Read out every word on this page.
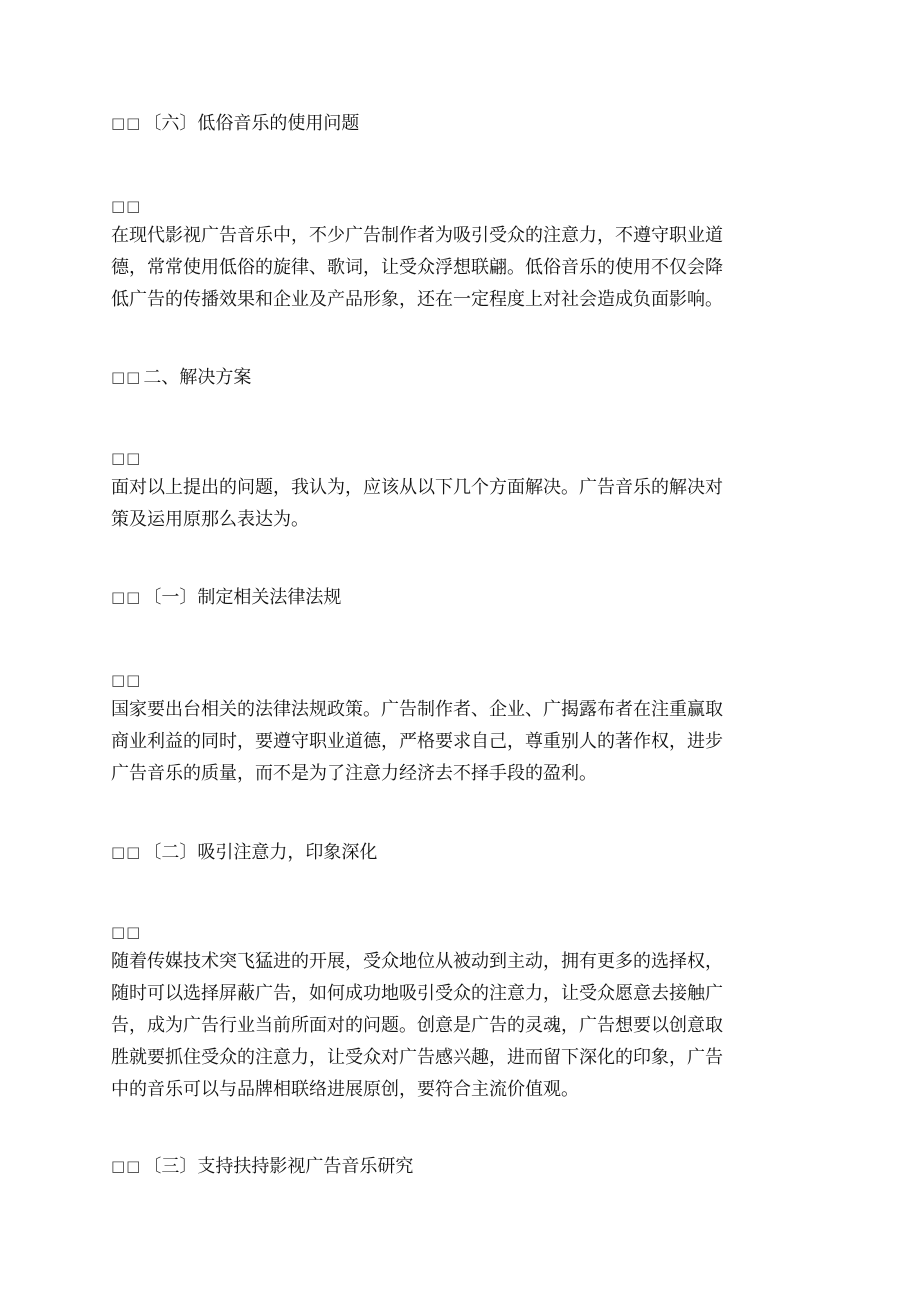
□□ 〔六〕低俗音乐的使用问题
□□
在现代影视广告音乐中，不少广告制作者为吸引受众的注意力，不遵守职业道
德，常常使用低俗的旋律、歌词，让受众浮想联翩。低俗音乐的使用不仅会降
低广告的传播效果和企业及产品形象，还在一定程度上对社会造成负面影响。
□□ 二、解决方案
□□
面对以上提出的问题，我认为，应该从以下几个方面解决。广告音乐的解决对
策及运用原那么表达为。
□□ 〔一〕制定相关法律法规
□□
国家要出台相关的法律法规政策。广告制作者、企业、广揭露布者在注重赢取
商业利益的同时，要遵守职业道德，严格要求自己，尊重别人的著作权，进步
广告音乐的质量，而不是为了注意力经济去不择手段的盈利。
□□ 〔二〕吸引注意力，印象深化
□□
随着传媒技术突飞猛进的开展，受众地位从被动到主动，拥有更多的选择权，
随时可以选择屏蔽广告，如何成功地吸引受众的注意力，让受众愿意去接触广
告，成为广告行业当前所面对的问题。创意是广告的灵魂，广告想要以创意取
胜就要抓住受众的注意力，让受众对广告感兴趣，进而留下深化的印象，广告
中的音乐可以与品牌相联络进展原创，要符合主流价值观。
□□ 〔三〕支持扶持影视广告音乐研究
